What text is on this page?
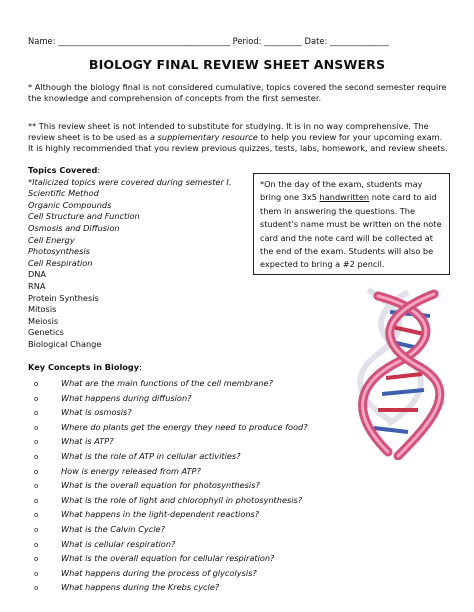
Name: _________________________________________ Period: _________ Date: ______________
BIOLOGY FINAL REVIEW SHEET ANSWERS
* Although the biology final is not considered cumulative, topics covered the second semester require the knowledge and comprehension of concepts from the first semester.
** This review sheet is not intended to substitute for studying. It is in no way comprehensive. The review sheet is to be used as a supplementary resource to help you review for your upcoming exam. It is highly recommended that you review previous quizzes, tests, labs, homework, and review sheets.
Topics Covered:
*Italicized topics were covered during semester I.
Scientific Method
Organic Compounds
Cell Structure and Function
Osmosis and Diffusion
Cell Energy
Photosynthesis
Cell Respiration
DNA
RNA
Protein Synthesis
Mitosis
Meiosis
Genetics
Biological Change
*On the day of the exam, students may bring one 3x5 handwritten note card to aid them in answering the questions. The student’s name must be written on the note card and the note card will be collected at the end of the exam. Students will also be expected to bring a #2 pencil.
Key Concepts in Biology:
o	What are the main functions of the cell membrane?
o	What happens during diffusion?
o	What is osmosis?
o	Where do plants get the energy they need to produce food?
o	What is ATP?
o	What is the role of ATP in cellular activities?
o	How is energy released from ATP?
o	What is the overall equation for photosynthesis?
o	What is the role of light and chlorophyll in photosynthesis?
o	What happens in the light-dependent reactions?
o	What is the Calvin Cycle?
o	What is cellular respiration?
o	What is the overall equation for cellular respiration?
o	What happens during the process of glycolysis?
o	What happens during the Krebs cycle?
